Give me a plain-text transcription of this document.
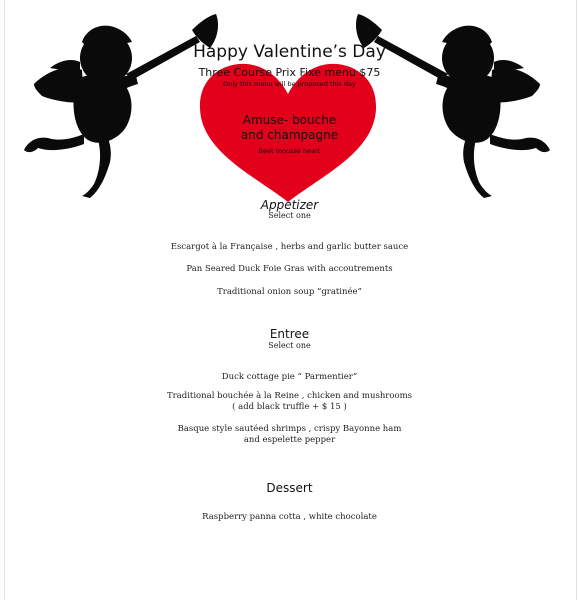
Happy Valentine’s Day
Three Course Prix Fixe menu $75
Only this menu will be proposed this day
Amuse- bouche
and champagne
Beet mousse heart
Appetizer
Select one
Escargot à la Française , herbs and garlic butter sauce
Pan Seared Duck Foie Gras with accoutrements
Traditional onion soup “gratinée”
Entree
Select one
Duck cottage pie “ Parmentier”
Traditional bouchée à la Reine , chicken and mushrooms
( add black truffle + $ 15 )
Basque style sautéed shrimps , crispy Bayonne ham
and espelette pepper
Dessert
Raspberry panna cotta , white chocolate
